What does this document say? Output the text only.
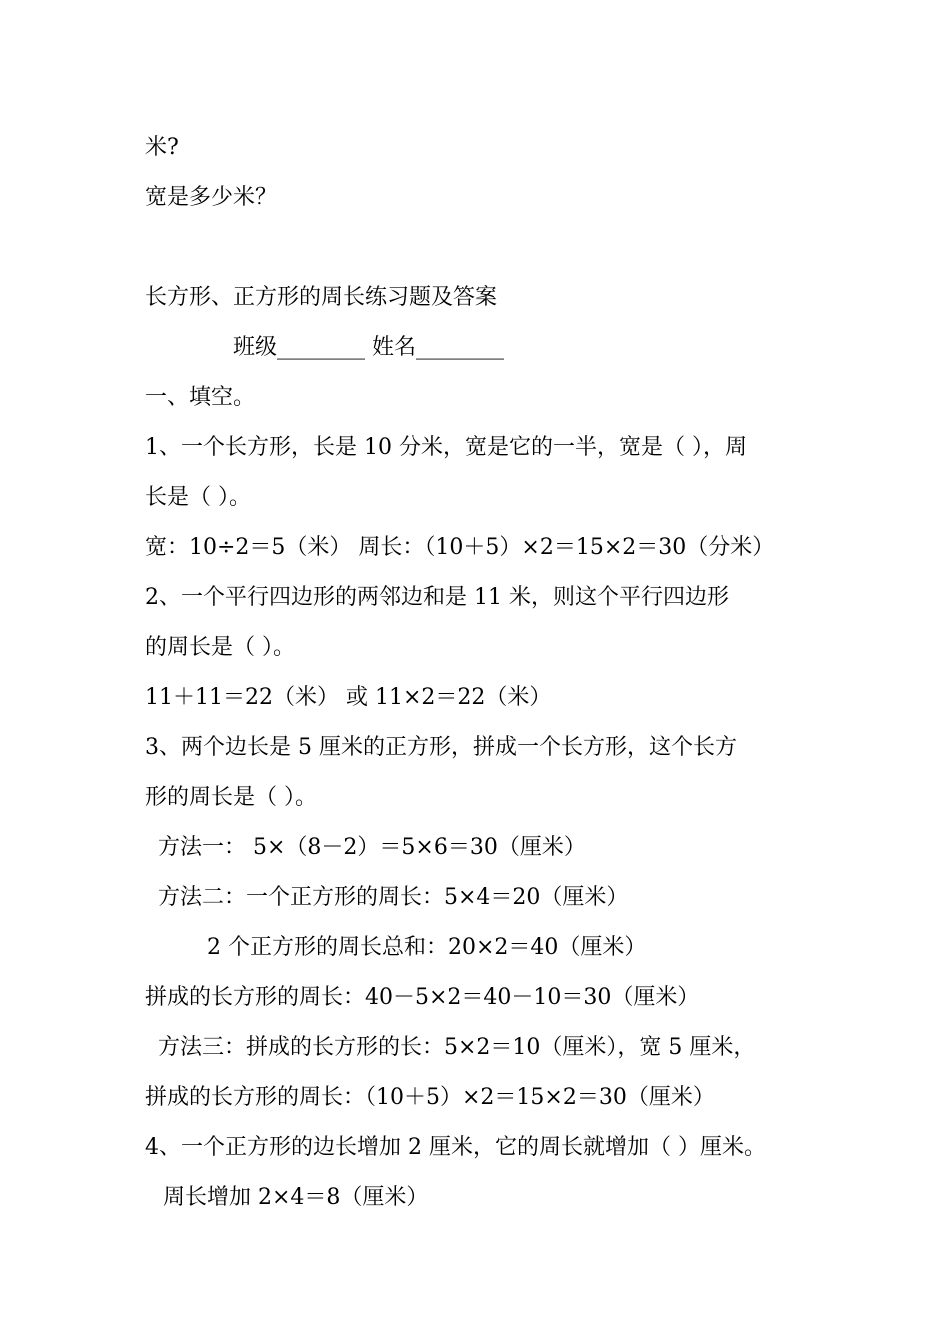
米?
宽是多少米？
长方形、正方形的周长练习题及答案
班级________ 姓名________
一、填空。
1、一个长方形，长是 10 分米，宽是它的一半，宽是（ ），周
长是（ ）。
宽：10÷2＝5（米） 周长：（10＋5）×2＝15×2＝30（分米）
2、一个平行四边形的两邻边和是 11 米，则这个平行四边形
的周长是（ ）。
11＋11＝22（米） 或 11×2＝22（米）
3、两个边长是 5 厘米的正方形，拼成一个长方形，这个长方
形的周长是（ ）。
方法一： 5×（8－2）＝5×6＝30（厘米）
方法二：一个正方形的周长：5×4＝20（厘米）
2 个正方形的周长总和：20×2＝40（厘米）
拼成的长方形的周长：40－5×2＝40－10＝30（厘米）
方法三：拼成的长方形的长：5×2＝10（厘米），宽 5 厘米，
拼成的长方形的周长：（10＋5）×2＝15×2＝30（厘米）
4、一个正方形的边长增加 2 厘米，它的周长就增加（ ）厘米。
周长增加 2×4＝8（厘米）
